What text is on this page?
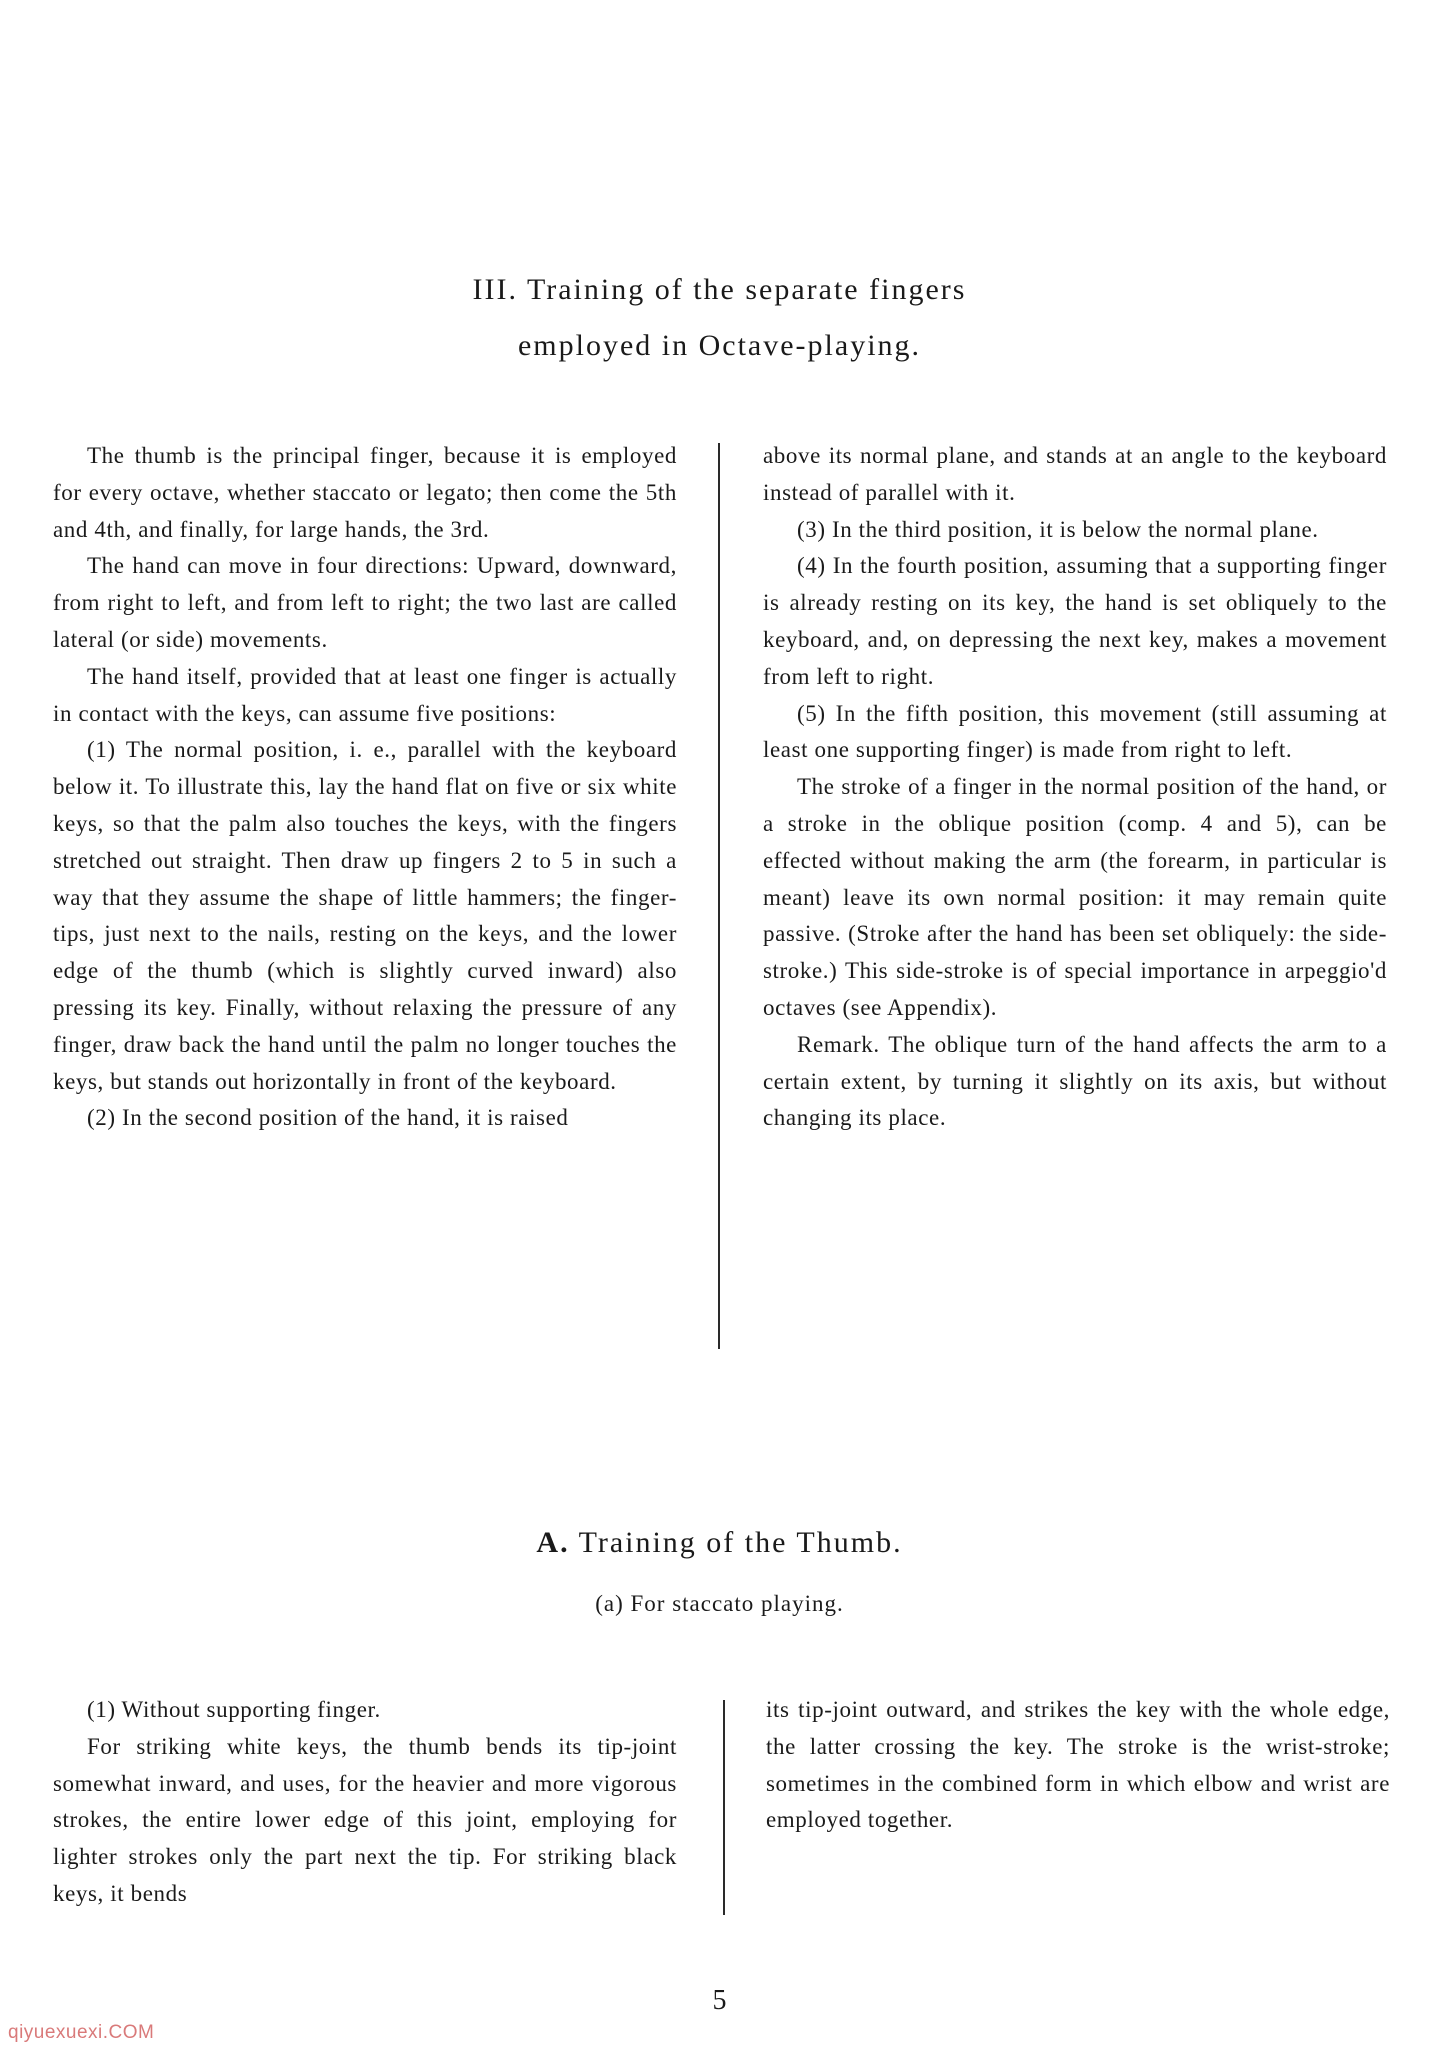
III. Training of the separate fingers
employed in Octave-playing.

The thumb is the principal finger, because it is employed for every octave, whether staccato or legato; then come the 5th and 4th, and finally, for large hands, the 3rd.

The hand can move in four directions: Upward, downward, from right to left, and from left to right; the two last are called lateral (or side) movements.

The hand itself, provided that at least one finger is actually in contact with the keys, can assume five positions:

(1) The normal position, i. e., parallel with the keyboard below it. To illustrate this, lay the hand flat on five or six white keys, so that the palm also touches the keys, with the fingers stretched out straight. Then draw up fingers 2 to 5 in such a way that they assume the shape of little hammers; the finger-tips, just next to the nails, resting on the keys, and the lower edge of the thumb (which is slightly curved inward) also pressing its key. Finally, without relaxing the pressure of any finger, draw back the hand until the palm no longer touches the keys, but stands out horizontally in front of the keyboard.

(2) In the second position of the hand, it is raised

above its normal plane, and stands at an angle to the keyboard instead of parallel with it.

(3) In the third position, it is below the normal plane.

(4) In the fourth position, assuming that a supporting finger is already resting on its key, the hand is set obliquely to the keyboard, and, on depressing the next key, makes a movement from left to right.

(5) In the fifth position, this movement (still assuming at least one supporting finger) is made from right to left.

The stroke of a finger in the normal position of the hand, or a stroke in the oblique position (comp. 4 and 5), can be effected without making the arm (the forearm, in particular is meant) leave its own normal position: it may remain quite passive. (Stroke after the hand has been set obliquely: the side-stroke.) This side-stroke is of special importance in arpeggio'd octaves (see Appendix).

Remark. The oblique turn of the hand affects the arm to a certain extent, by turning it slightly on its axis, but without changing its place.

A. Training of the Thumb.
(a) For staccato playing.

(1) Without supporting finger.

For striking white keys, the thumb bends its tip-joint somewhat inward, and uses, for the heavier and more vigorous strokes, the entire lower edge of this joint, employing for lighter strokes only the part next the tip. For striking black keys, it bends

its tip-joint outward, and strikes the key with the whole edge, the latter crossing the key. The stroke is the wrist-stroke; sometimes in the combined form in which elbow and wrist are employed together.

5
qiyuexuexi.COM
